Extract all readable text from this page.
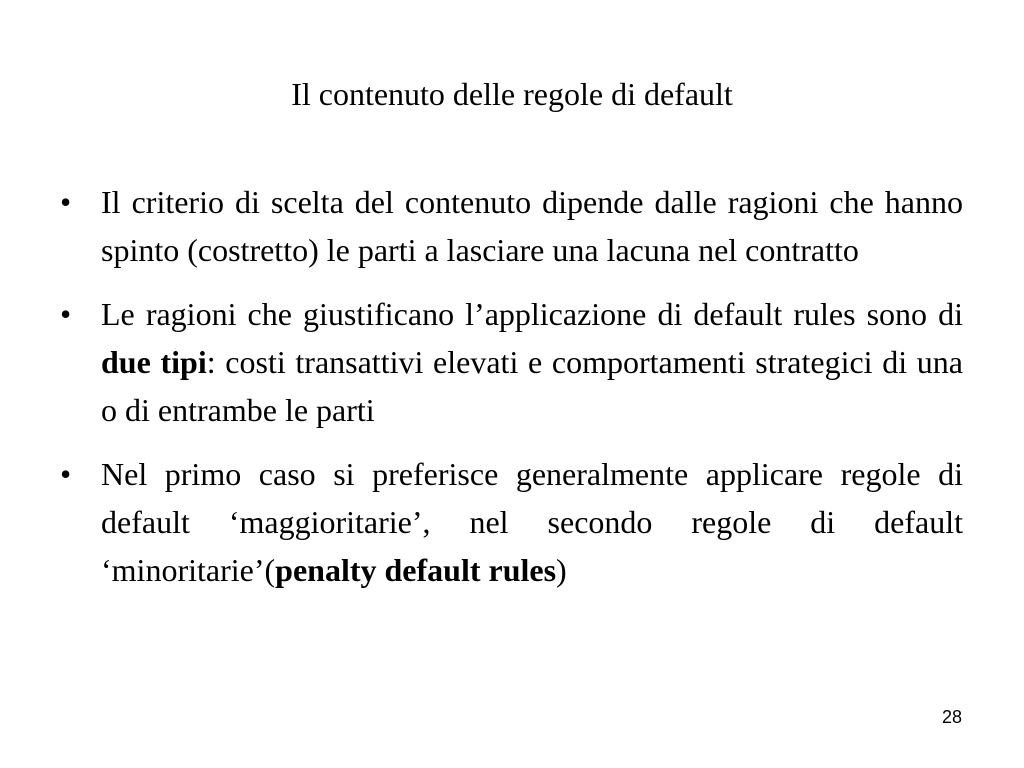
Il contenuto delle regole di default
• Il criterio di scelta del contenuto dipende dalle ragioni che hanno spinto (costretto) le parti a lasciare una lacuna nel contratto
• Le ragioni che giustificano l’applicazione di default rules sono di due tipi: costi transattivi elevati e comportamenti strategici di una o di entrambe le parti
• Nel primo caso si preferisce generalmente applicare regole di default ‘maggioritarie’, nel secondo regole di default ‘minoritarie’(penalty default rules)
28
